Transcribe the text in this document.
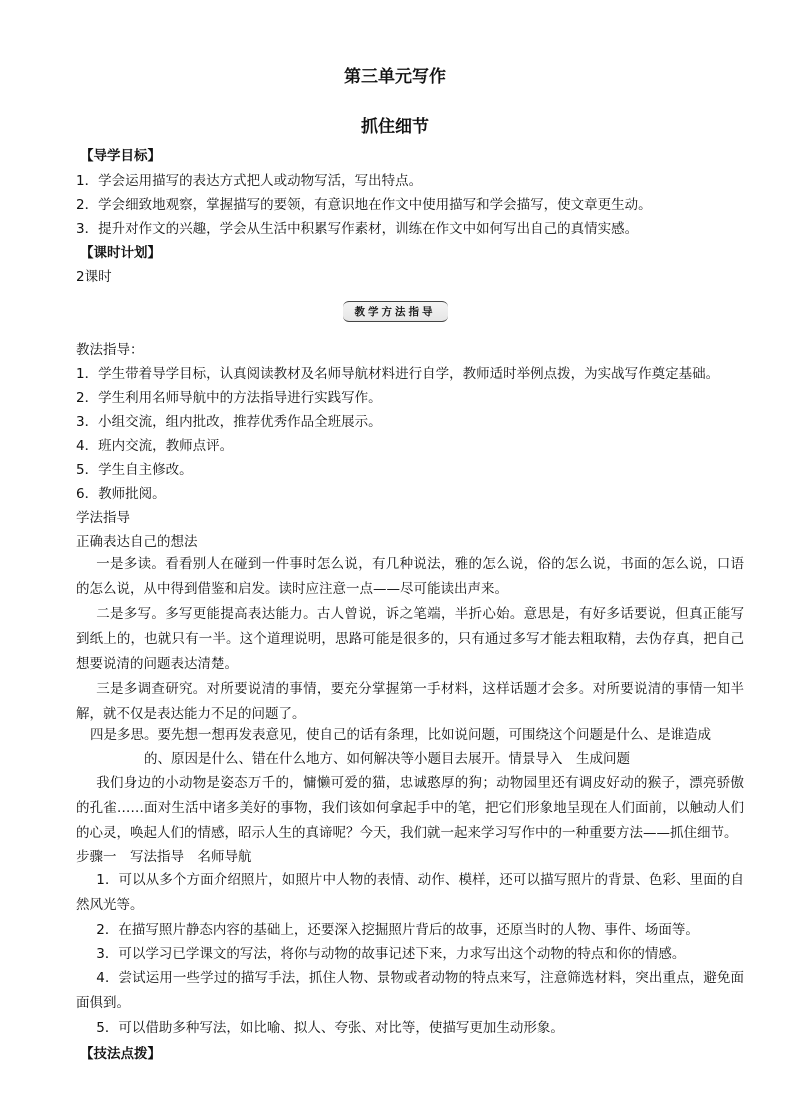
第三单元写作
抓住细节
【导学目标】
1．学会运用描写的表达方式把人或动物写活，写出特点。
2．学会细致地观察，掌握描写的要领，有意识地在作文中使用描写和学会描写，使文章更生动。
3．提升对作文的兴趣，学会从生活中积累写作素材，训练在作文中如何写出自己的真情实感。
【课时计划】
2课时
教学方法指导
教法指导：
1．学生带着导学目标，认真阅读教材及名师导航材料进行自学，教师适时举例点拨，为实战写作奠定基础。
2．学生利用名师导航中的方法指导进行实践写作。
3．小组交流，组内批改，推荐优秀作品全班展示。
4．班内交流，教师点评。
5．学生自主修改。
6．教师批阅。
学法指导
正确表达自己的想法
一是多读。看看别人在碰到一件事时怎么说，有几种说法，雅的怎么说，俗的怎么说，书面的怎么说，口语的怎么说，从中得到借鉴和启发。读时应注意一点——尽可能读出声来。
二是多写。多写更能提高表达能力。古人曾说，诉之笔端，半折心始。意思是，有好多话要说，但真正能写到纸上的，也就只有一半。这个道理说明，思路可能是很多的，只有通过多写才能去粗取精，去伪存真，把自己想要说清的问题表达清楚。
三是多调查研究。对所要说清的事情，要充分掌握第一手材料，这样话题才会多。对所要说清的事情一知半解，就不仅是表达能力不足的问题了。
四是多思。要先想一想再发表意见，使自己的话有条理，比如说问题，可围绕这个问题是什么、是谁造成
的、原因是什么、错在什么地方、如何解决等小题目去展开。情景导入　生成问题
我们身边的小动物是姿态万千的，慵懒可爱的猫，忠诚憨厚的狗；动物园里还有调皮好动的猴子，漂亮骄傲的孔雀……面对生活中诸多美好的事物，我们该如何拿起手中的笔，把它们形象地呈现在人们面前，以触动人们的心灵，唤起人们的情感，昭示人生的真谛呢？今天，我们就一起来学习写作中的一种重要方法——抓住细节。
步骤一　写法指导　名师导航
1．可以从多个方面介绍照片，如照片中人物的表情、动作、模样，还可以描写照片的背景、色彩、里面的自然风光等。
2．在描写照片静态内容的基础上，还要深入挖掘照片背后的故事，还原当时的人物、事件、场面等。
3．可以学习已学课文的写法，将你与动物的故事记述下来，力求写出这个动物的特点和你的情感。
4．尝试运用一些学过的描写手法，抓住人物、景物或者动物的特点来写，注意筛选材料，突出重点，避免面面俱到。
5．可以借助多种写法，如比喻、拟人、夸张、对比等，使描写更加生动形象。
【技法点拨】
